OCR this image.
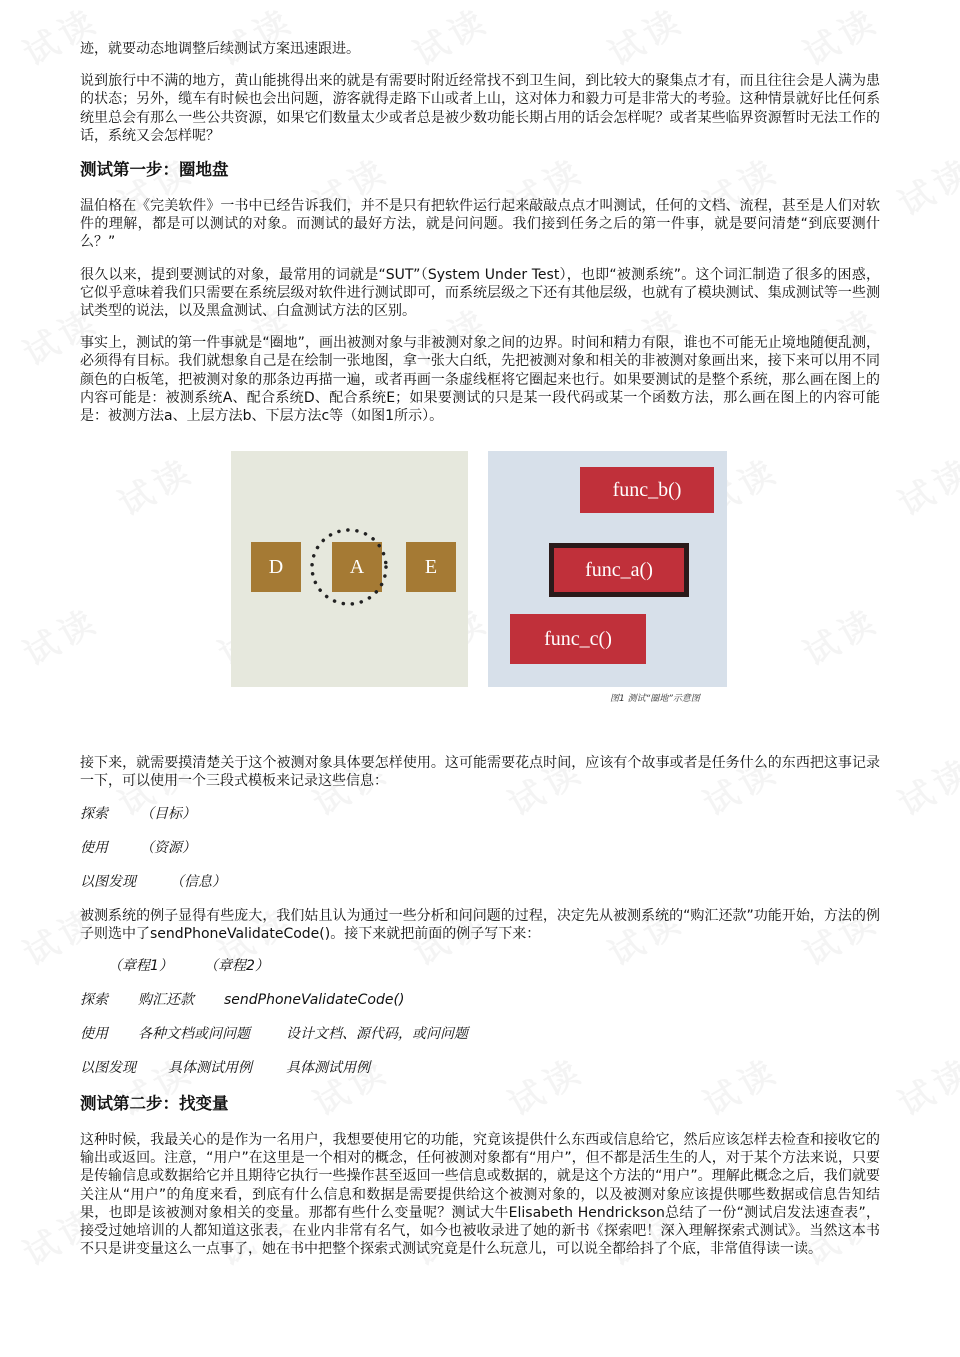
迹，就要动态地调整后续测试方案迅速跟进。

说到旅行中不满的地方，黄山能挑得出来的就是有需要时附近经常找不到卫生间，到比较大的聚集点才有，而且往往会是人满为患的状态；另外，缆车有时候也会出问题，游客就得走路下山或者上山，这对体力和毅力可是非常大的考验。这种情景就好比任何系统里总会有那么一些公共资源，如果它们数量太少或者总是被少数功能长期占用的话会怎样呢？或者某些临界资源暂时无法工作的话，系统又会怎样呢？

测试第一步：圈地盘

温伯格在《完美软件》一书中已经告诉我们，并不是只有把软件运行起来敲敲点点才叫测试，任何的文档、流程，甚至是人们对软件的理解，都是可以测试的对象。而测试的最好方法，就是问问题。我们接到任务之后的第一件事，就是要问清楚“到底要测什么？”

很久以来，提到要测试的对象，最常用的词就是“SUT”（System Under Test），也即“被测系统”。这个词汇制造了很多的困惑，它似乎意味着我们只需要在系统层级对软件进行测试即可，而系统层级之下还有其他层级，也就有了模块测试、集成测试等一些测试类型的说法，以及黑盒测试、白盒测试方法的区别。

事实上，测试的第一件事就是“圈地”，画出被测对象与非被测对象之间的边界。时间和精力有限，谁也不可能无止境地随便乱测，必须得有目标。我们就想象自己是在绘制一张地图，拿一张大白纸，先把被测对象和相关的非被测对象画出来，接下来可以用不同颜色的白板笔，把被测对象的那条边再描一遍，或者再画一条虚线框将它圈起来也行。如果要测试的是整个系统，那么画在图上的内容可能是：被测系统A、配合系统D、配合系统E；如果要测试的只是某一段代码或某一个函数方法，那么画在图上的内容可能是：被测方法a、上层方法b、下层方法c等（如图1所示）。

D	A	E
func_b()
func_a()
func_c()
图1 测试“圈地”示意图

接下来，就需要摸清楚关于这个被测对象具体要怎样使用。这可能需要花点时间，应该有个故事或者是任务什么的东西把这事记录一下，可以使用一个三段式模板来记录这些信息：

探索 （目标）
使用 （资源）
以图发现 （信息）

被测系统的例子显得有些庞大，我们姑且认为通过一些分析和问问题的过程，决定先从被测系统的“购汇还款”功能开始，方法的例子则选中了sendPhoneValidateCode()。接下来就把前面的例子写下来：

（章程1） （章程2）
探索 购汇还款 sendPhoneValidateCode()
使用 各种文档或问问题	设计文档、源代码，或问问题
以图发现 具体测试用例 具体测试用例
测试第二步：找变量

这种时候，我最关心的是作为一名用户，我想要使用它的功能，究竟该提供什么东西或信息给它，然后应该怎样去检查和接收它的输出或返回。注意，“用户”在这里是一个相对的概念，任何被测对象都有“用户”，但不都是活生生的人，对于某个方法来说，只要是传输信息或数据给它并且期待它执行一些操作甚至返回一些信息或数据的，就是这个方法的“用户”。理解此概念之后，我们就要关注从“用户”的角度来看，到底有什么信息和数据是需要提供给这个被测对象的，以及被测对象应该提供哪些数据或信息告知结果，也即是该被测对象相关的变量。那都有些什么变量呢？测试大牛Elisabeth Hendrickson总结了一份“测试启发法速查表”，接受过她培训的人都知道这张表，在业内非常有名气，如今也被收录进了她的新书《探索吧！深入理解探索式测试》。当然这本书不只是讲变量这么一点事了，她在书中把整个探索式测试究竟是什么玩意儿，可以说全都给抖了个底，非常值得读一读。
